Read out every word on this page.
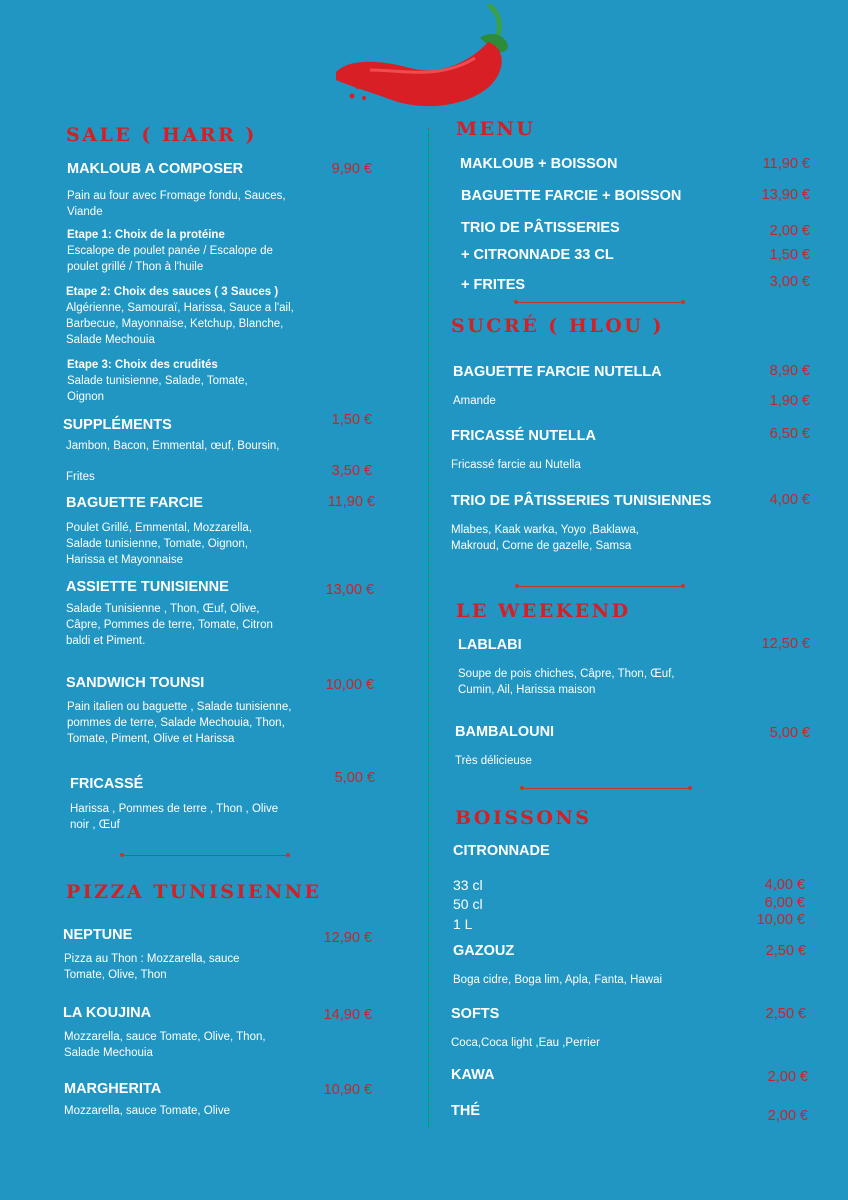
SALE ( HARR )
MAKLOUB A COMPOSER	9,90 €
Pain au four avec Fromage fondu, Sauces, Viande
Etape 1: Choix de la protéine
Escalope de poulet panée / Escalope de poulet grillé / Thon à l'huile
Etape 2: Choix des sauces ( 3 Sauces )
Algérienne, Samouraï, Harissa, Sauce a l'ail, Barbecue, Mayonnaise, Ketchup, Blanche, Salade Mechouia
Etape 3: Choix des crudités
Salade tunisienne, Salade, Tomate, Oignon
SUPPLÉMENTS	1,50 €
Jambon, Bacon, Emmental, œuf, Boursin,
Frites	3,50 €
BAGUETTE FARCIE	11,90 €
Poulet Grillé, Emmental, Mozzarella, Salade tunisienne, Tomate, Oignon, Harissa et Mayonnaise
ASSIETTE TUNISIENNE	13,00 €
Salade Tunisienne , Thon, Œuf, Olive, Câpre, Pommes de terre, Tomate, Citron baldi et Piment.
SANDWICH TOUNSI	10,00 €
Pain italien ou baguette , Salade tunisienne, pommes de terre, Salade Mechouia, Thon, Tomate, Piment, Olive et Harissa
FRICASSÉ	5,00 €
Harissa , Pommes de terre , Thon , Olive noir , Œuf
PIZZA TUNISIENNE
NEPTUNE	12,90 €
Pizza au Thon : Mozzarella, sauce Tomate, Olive, Thon
LA KOUJINA	14,90 €
Mozzarella, sauce Tomate, Olive, Thon, Salade Mechouia
MARGHERITA	10,90 €
Mozzarella, sauce Tomate, Olive
MENU
MAKLOUB + BOISSON	11,90 €
BAGUETTE FARCIE + BOISSON	13,90 €
TRIO DE PÂTISSERIES	2,00 €
+ CITRONNADE 33 CL	1,50 €
+ FRITES	3,00 €
SUCRÉ ( HLOU )
BAGUETTE FARCIE NUTELLA	8,90 €
Amande	1,90 €
FRICASSÉ NUTELLA	6,50 €
Fricassé farcie au Nutella
TRIO DE PÂTISSERIES TUNISIENNES	4,00 €
Mlabes, Kaak warka, Yoyo ,Baklawa, Makroud, Corne de gazelle, Samsa
LE WEEKEND
LABLABI	12,50 €
Soupe de pois chiches, Câpre, Thon, Œuf, Cumin, Ail, Harissa maison
BAMBALOUNI	5,00 €
Très délicieuse
BOISSONS
CITRONNADE
33 cl	4,00 €
50 cl	6,00 €
1 L	10,00 €
GAZOUZ	2,50 €
Boga cidre, Boga lim, Apla, Fanta, Hawai
SOFTS	2,50 €
Coca,Coca light ,Eau ,Perrier
KAWA	2,00 €
THÉ	2,00 €
